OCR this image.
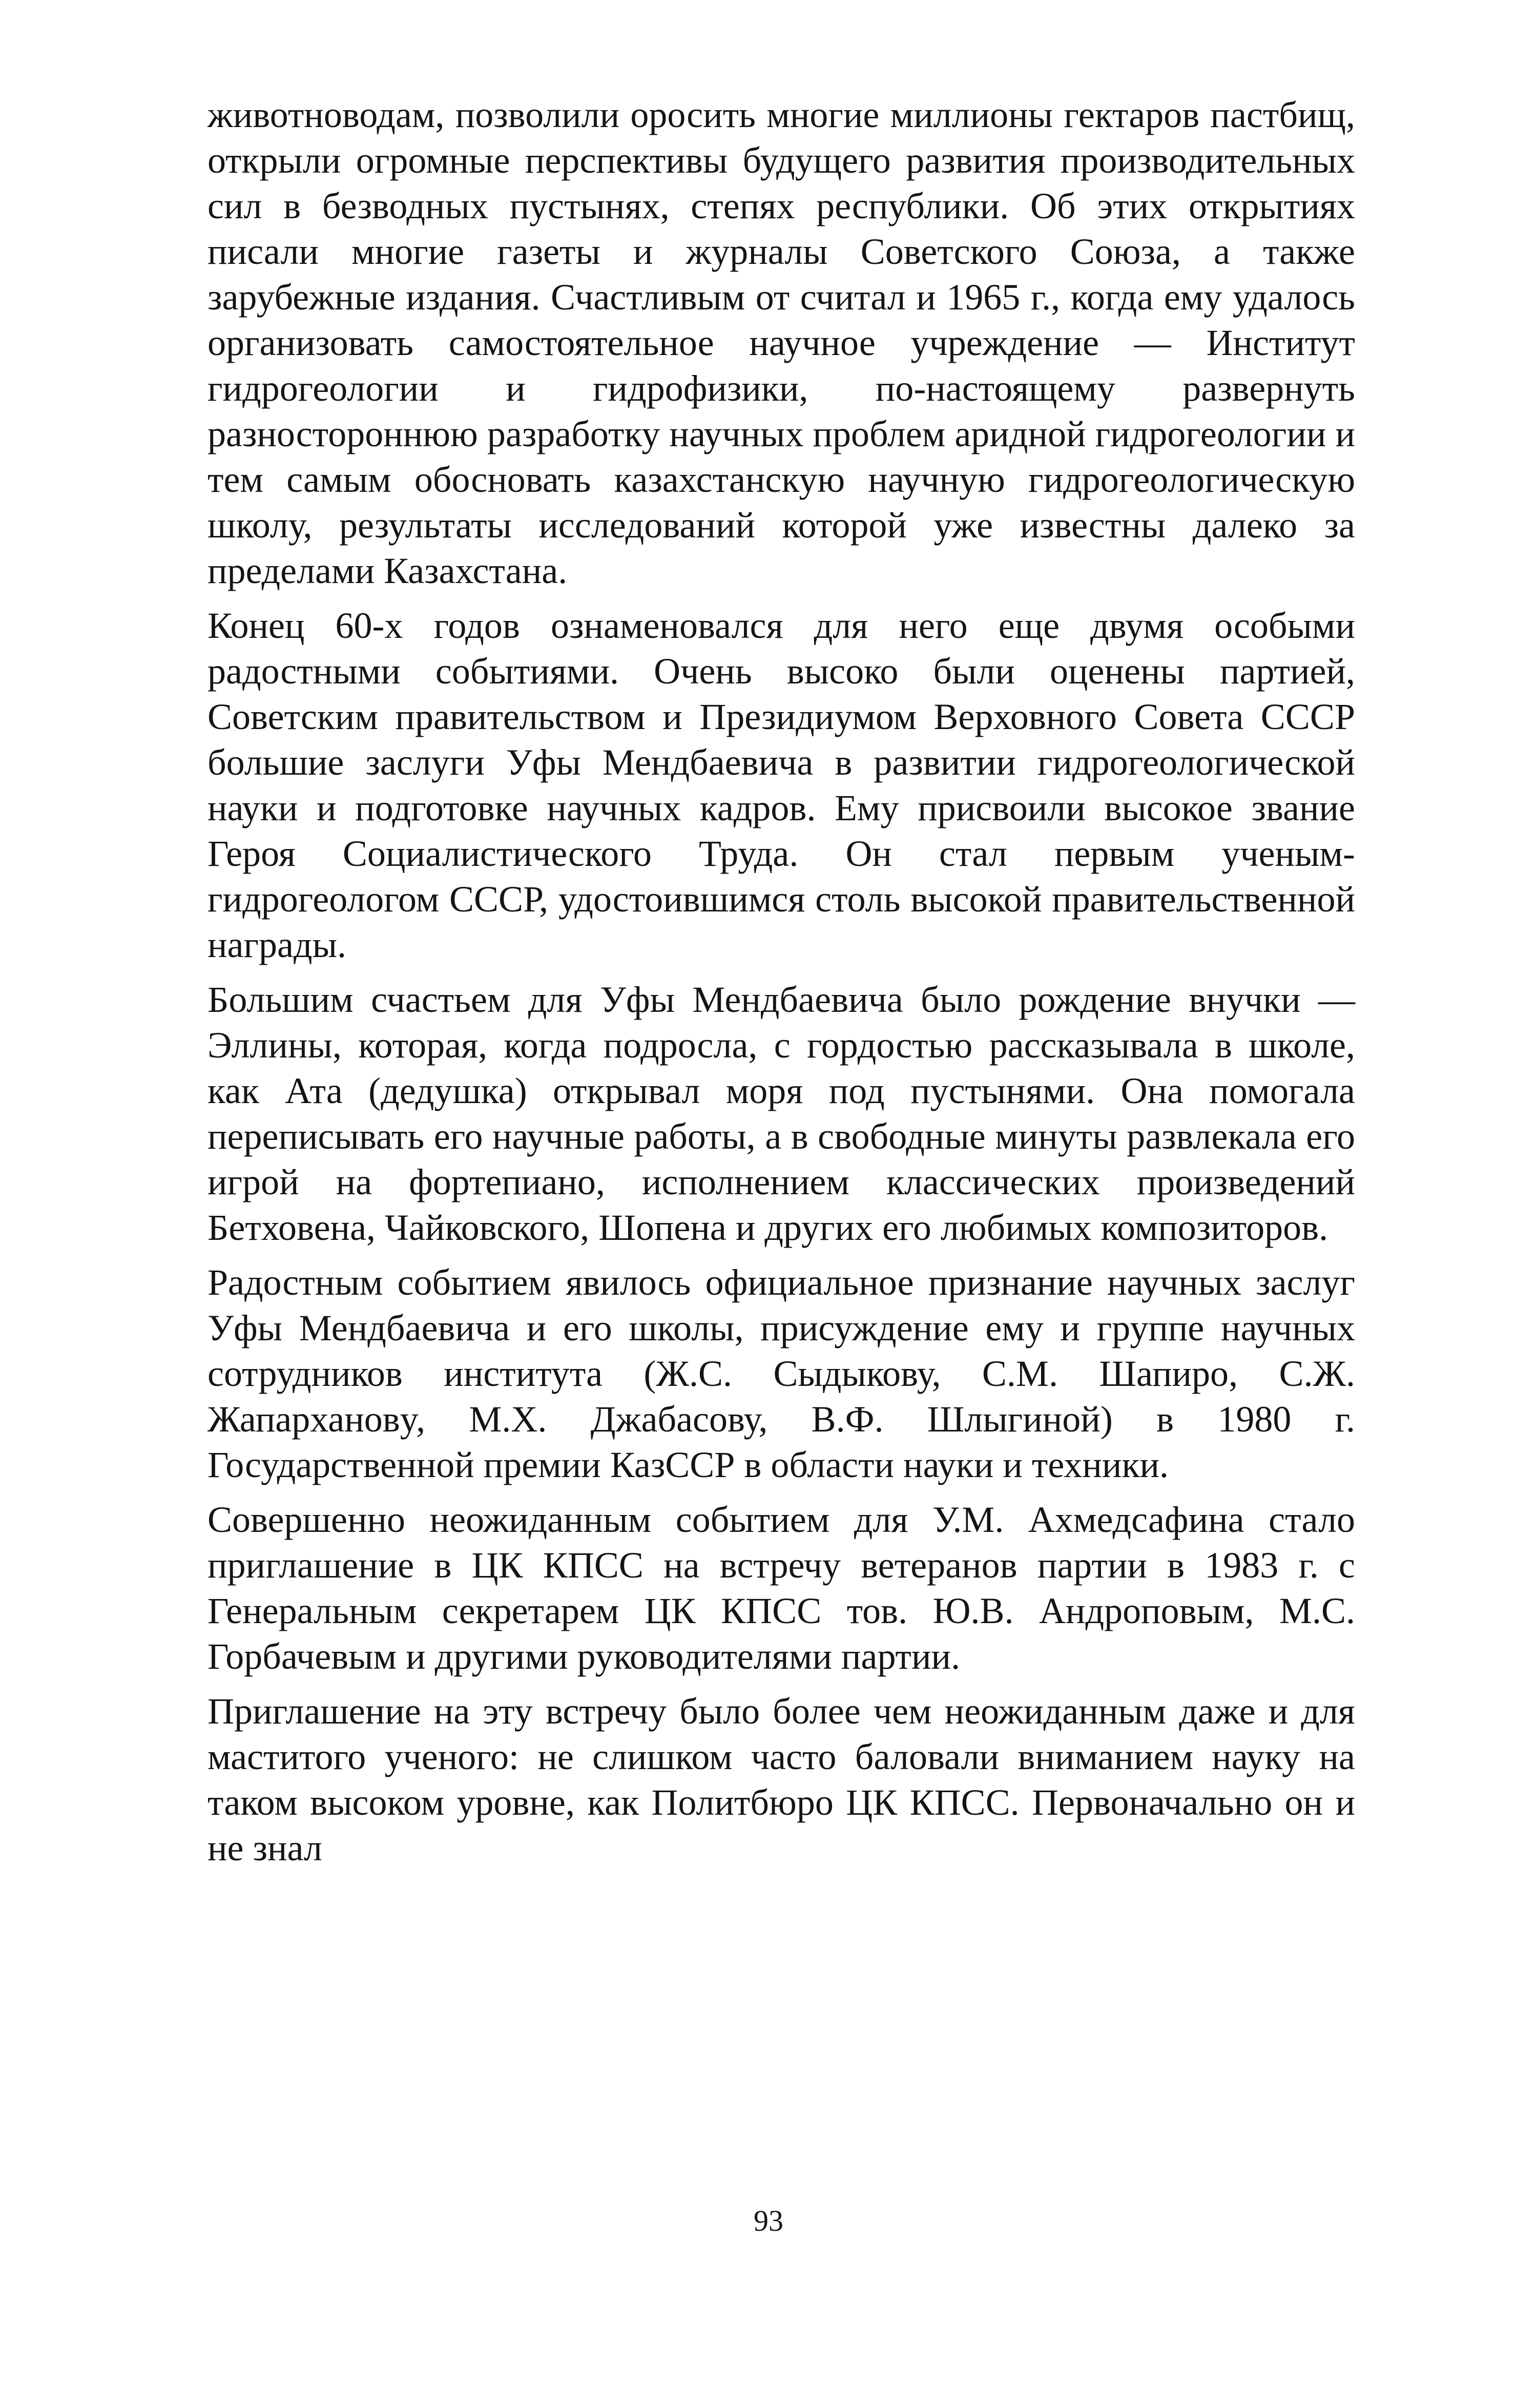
животноводам, позволили оросить многие миллионы гектаров пастбищ, открыли огромные перспективы будущего развития производительных сил в безводных пустынях, степях республики. Об этих открытиях писали многие газеты и журналы Советского Союза, а также зарубежные издания. Счастливым от считал и 1965 г., когда ему удалось организовать самостоятельное научное учреждение — Институт гидрогеологии и гидрофизики, по-настоящему развернуть разностороннюю разработку научных проблем аридной гидрогеологии и тем самым обосновать казахстанскую научную гидрогеологическую школу, результаты исследований которой уже известны далеко за пределами Казахстана.

Конец 60-х годов ознаменовался для него еще двумя особыми радостными событиями. Очень высоко были оценены партией, Советским правительством и Президиумом Верховного Совета СССР большие заслуги Уфы Мендбаевича в развитии гидрогеологической науки и подготовке научных кадров. Ему присвоили высокое звание Героя Социалистического Труда. Он стал первым ученым-гидрогеологом СССР, удостоившимся столь высокой правительственной награды.

Большим счастьем для Уфы Мендбаевича было рождение внучки — Эллины, которая, когда подросла, с гордостью рассказывала в школе, как Ата (дедушка) открывал моря под пустынями. Она помогала переписывать его научные работы, а в свободные минуты развлекала его игрой на фортепиано, исполнением классических произведений Бетховена, Чайковского, Шопена и других его любимых композиторов.

Радостным событием явилось официальное признание научных заслуг Уфы Мендбаевича и его школы, присуждение ему и группе научных сотрудников института (Ж.С. Сыдыкову, С.М. Шапиро, С.Ж. Жапархановy, М.Х. Джабасову, В.Ф. Шлыгиной) в 1980 г. Государственной премии КазССР в области науки и техники.

Совершенно неожиданным событием для У.М. Ахмедсафина стало приглашение в ЦК КПСС на встречу ветеранов партии в 1983 г. с Генеральным секретарем ЦК КПСС тов. Ю.В. Андроповым, М.С. Горбачевым и другими руководителями партии.

Приглашение на эту встречу было более чем неожиданным даже и для маститого ученого: не слишком часто баловали вниманием науку на таком высоком уровне, как Политбюро ЦК КПСС. Первоначально он и не знал

93
